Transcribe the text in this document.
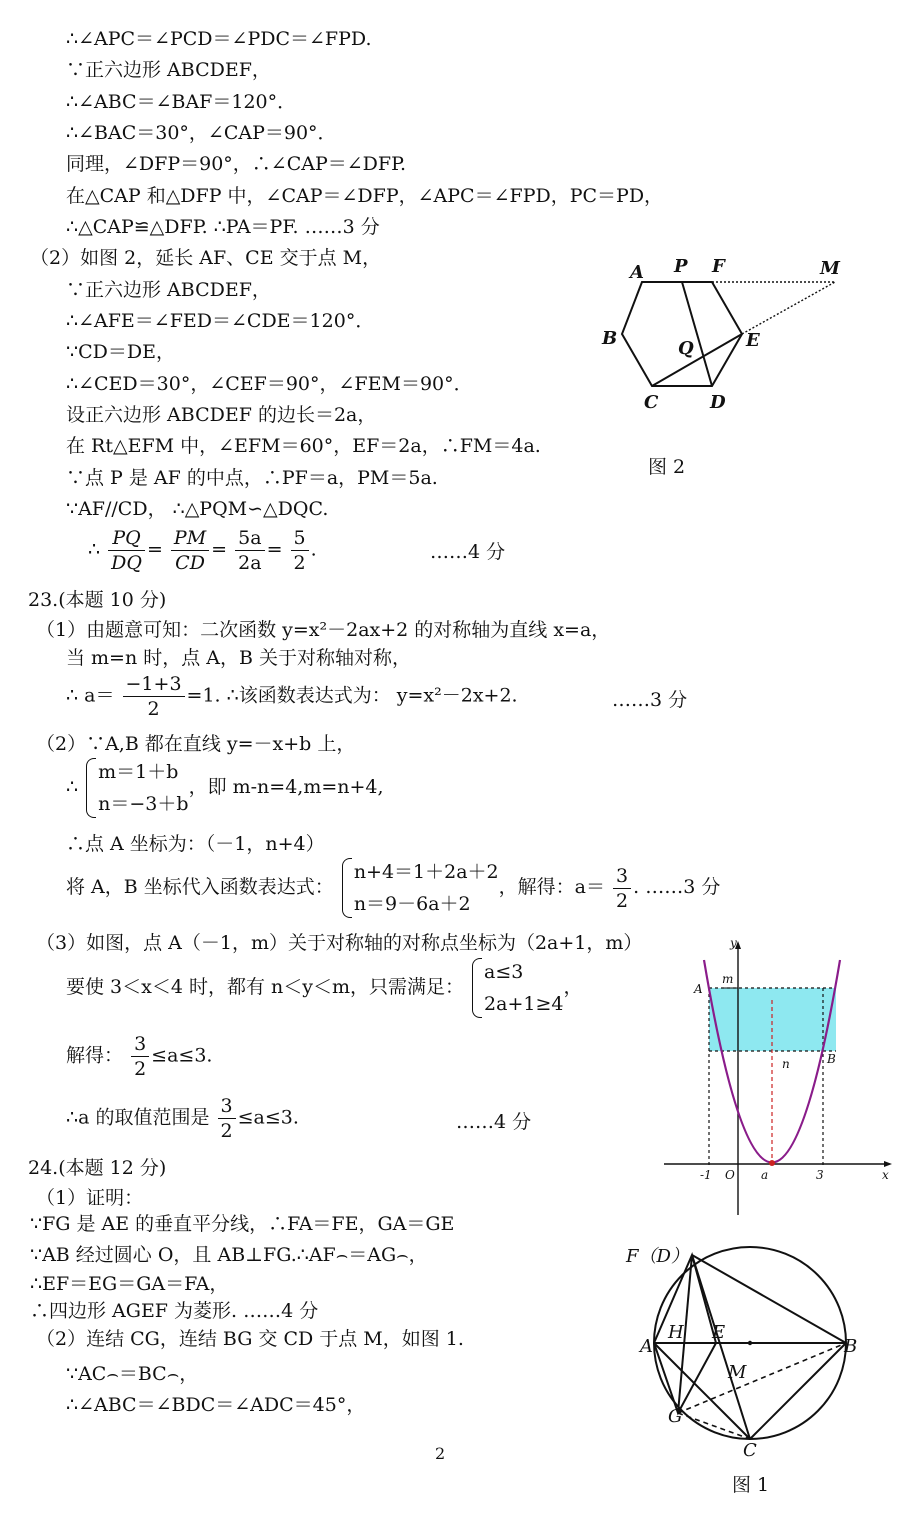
∴∠APC＝∠PCD＝∠PDC＝∠FPD.
∵正六边形 ABCDEF，
∴∠ABC＝∠BAF＝120°．
∴∠BAC＝30°，∠CAP＝90°．
同理，∠DFP＝90°，∴∠CAP＝∠DFP.
在△CAP 和△DFP 中，∠CAP＝∠DFP，∠APC＝∠FPD，PC＝PD，
∴△CAP≌△DFP. ∴PA＝PF. ……3 分
（2）如图 2，延长 AF、CE 交于点 M，
∵正六边形 ABCDEF，
∴∠AFE＝∠FED＝∠CDE＝120°．
∵CD＝DE，
∴∠CED＝30°，∠CEF＝90°，∠FEM＝90°．
设正六边形 ABCDEF 的边长＝2a，
在 Rt△EFM 中，∠EFM＝60°，EF＝2a，∴FM＝4a.
∵点 P 是 AF 的中点，∴PF＝a，PM＝5a.
∵AF//CD， ∴△PQM∽△DQC.
∴ $\frac{PQ}{DQ} = \frac{PM}{CD} = \frac{5a}{2a} = \frac{5}{2}$ .	……4 分
23.(本题 10 分)
（1）由题意可知：二次函数 y=x²－2ax+2 的对称轴为直线 x=a，
当 m=n 时，点 A，B 关于对称轴对称，
∴ $a= \frac{-1+3}{2} =1$. ∴该函数表达式为： y=x²－2x+2.	……3 分
（2）∵A,B 都在直线 y=－x+b 上，
∴
m＝1＋b
n＝−3＋b
，即 m-n=4,m=n+4,
∴点 A 坐标为：（－1，n+4）
将 A，B 坐标代入函数表达式：
n+4＝1＋2a＋2
n＝9－6a＋2
，解得：$a= \frac{3}{2}$ . ……3 分
（3）如图，点 A（－1，m）关于对称轴的对称点坐标为（2a+1，m）
要使 3＜x＜4 时，都有 n＜y＜m，只需满足：
a≤3
2a+1≥4
，
解得： $\frac{3}{2} \le a\le 3$.
∴a 的取值范围是 $\frac{3}{2} \le a\le 3$.	……4 分
24.(本题 12 分)
（1）证明：
∵FG 是 AE 的垂直平分线，∴FA＝FE，GA＝GE
∵AB 经过圆心 O，且 AB⊥FG.∴AF⌢＝AG⌢，
∴EF＝EG＝GA＝FA，
∴四边形 AGEF 为菱形. ……4 分
（2）连结 CG，连结 BG 交 CD 于点 M，如图 1.
∵AC⌢＝BC⌢，
∴∠ABC＝∠BDC＝∠ADC＝45°，
A P F	M
B	Q	E
C	D
图 2
y
x
A
B
m
n
-1 O a	3
F（D）
A
H E
B
M
G
C
图 1
2
